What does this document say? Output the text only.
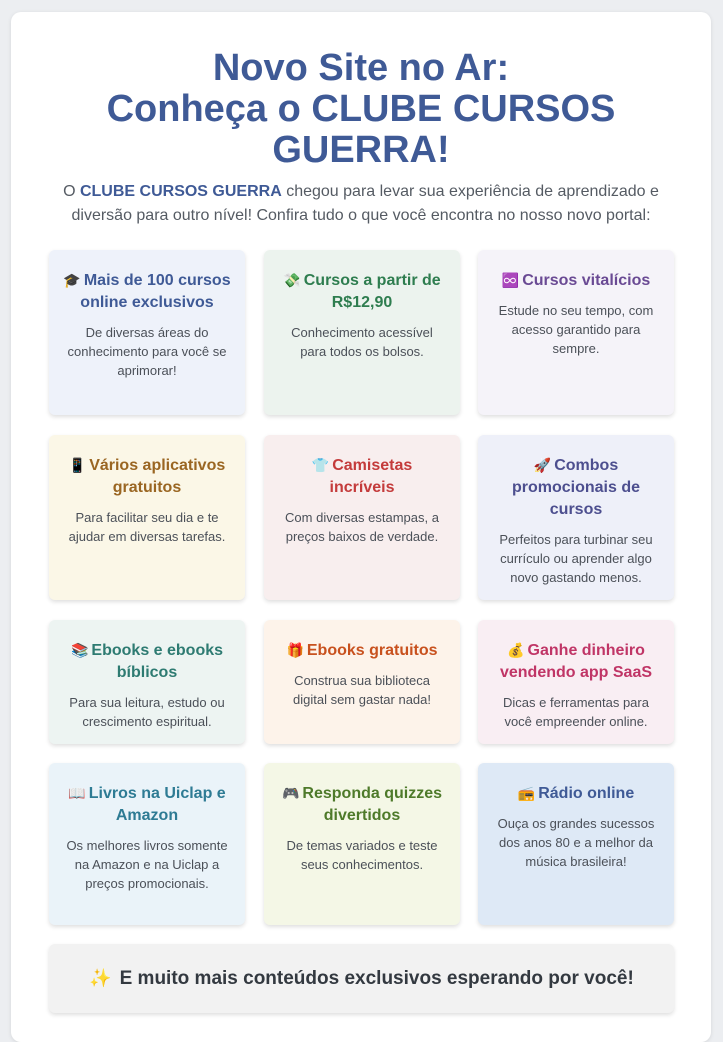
Novo Site no Ar:
Conheça o CLUBE CURSOS
GUERRA!

O CLUBE CURSOS GUERRA chegou para levar sua experiência de aprendizado e diversão para outro nível! Confira tudo o que você encontra no nosso novo portal:

🎓 Mais de 100 cursos online exclusivos
De diversas áreas do conhecimento para você se aprimorar!
💸 Cursos a partir de R$12,90
Conhecimento acessível para todos os bolsos.
♾️ Cursos vitalícios
Estude no seu tempo, com acesso garantido para sempre.
📱 Vários aplicativos gratuitos
Para facilitar seu dia e te ajudar em diversas tarefas.
👕 Camisetas incríveis
Com diversas estampas, a preços baixos de verdade.
🚀 Combos promocionais de cursos
Perfeitos para turbinar seu currículo ou aprender algo novo gastando menos.
📚 Ebooks e ebooks bíblicos
Para sua leitura, estudo ou crescimento espiritual.
🎁 Ebooks gratuitos
Construa sua biblioteca digital sem gastar nada!
💰 Ganhe dinheiro vendendo app SaaS
Dicas e ferramentas para você empreender online.
📖 Livros na Uiclap e Amazon
Os melhores livros somente na Amazon e na Uiclap a preços promocionais.
🎮 Responda quizzes divertidos
De temas variados e teste seus conhecimentos.
📻 Rádio online
Ouça os grandes sucessos dos anos 80 e a melhor da música brasileira!
✨ E muito mais conteúdos exclusivos esperando por você!
